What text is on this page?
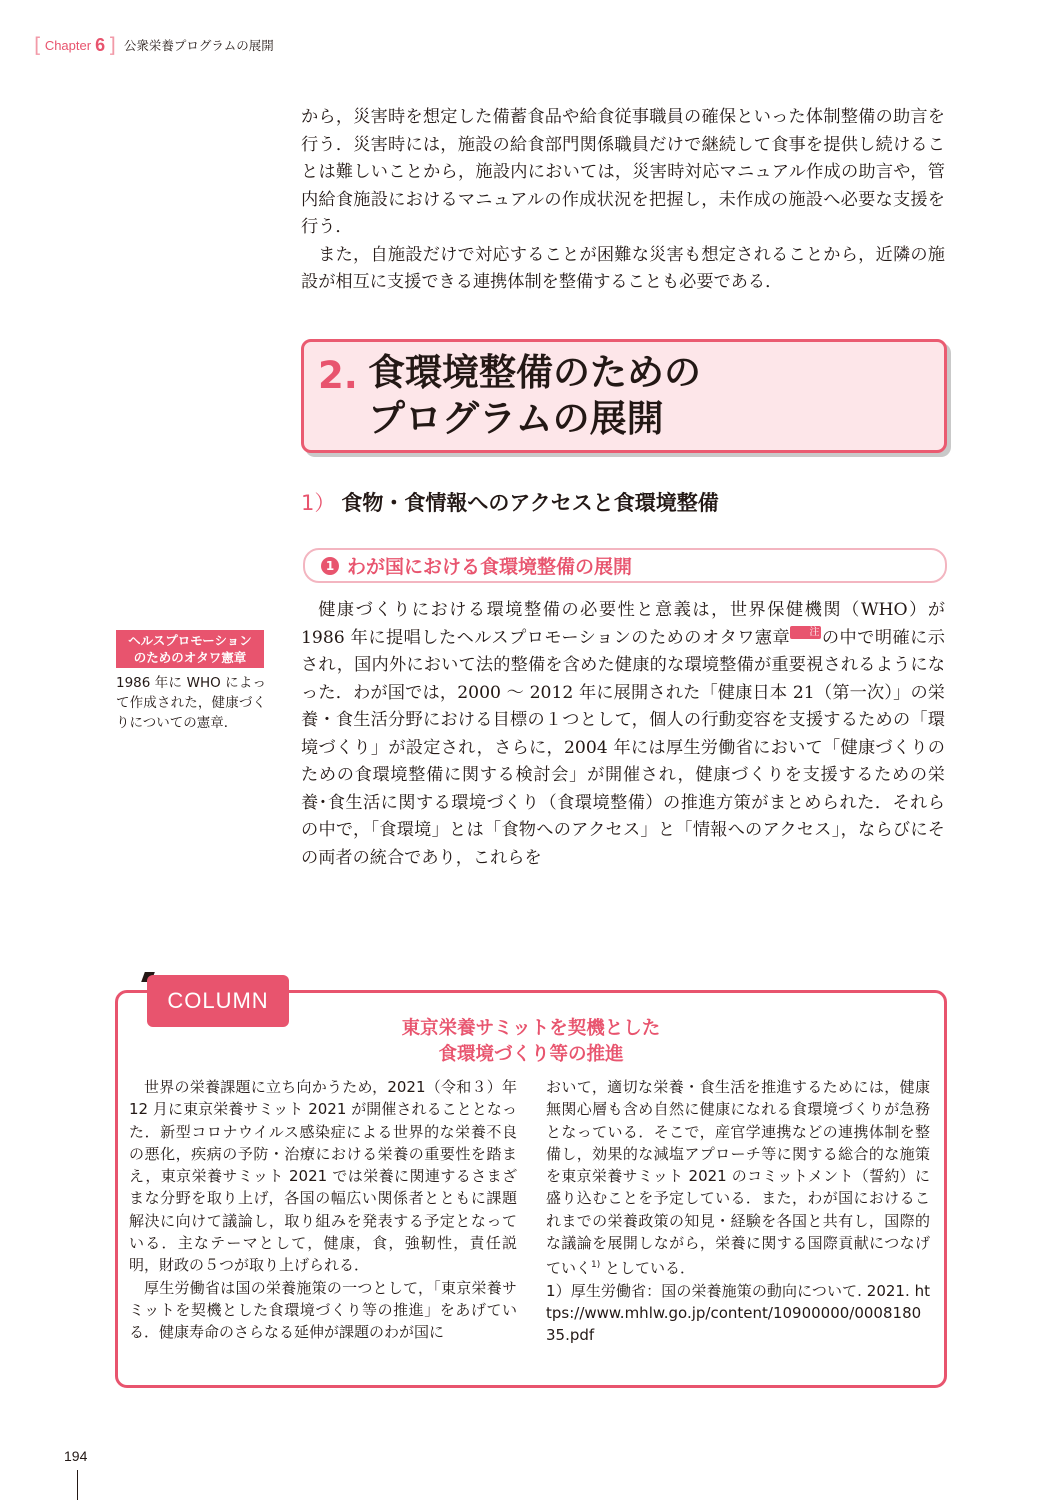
[ Chapter 6 ] 公衆栄養プログラムの展開

から，災害時を想定した備蓄食品や給食従事職員の確保といった体制整備の助言を行う．災害時には，施設の給食部門関係職員だけで継続して食事を提供し続けることは難しいことから，施設内においては，災害時対応マニュアル作成の助言や，管内給食施設におけるマニュアルの作成状況を把握し，未作成の施設へ必要な支援を行う．

また，自施設だけで対応することが困難な災害も想定されることから，近隣の施設が相互に支援できる連携体制を整備することも必要である．

2. 食環境整備のための
プログラムの展開
1） 食物・食情報へのアクセスと食環境整備
1 わが国における食環境整備の展開

健康づくりにおける環境整備の必要性と意義は，世界保健機関（WHO）が 1986 年に提唱したヘルスプロモーションのためのオタワ憲章 注 の中で明確に示され，国内外において法的整備を含めた健康的な環境整備が重要視されるようになった．わが国では，2000 〜 2012 年に展開された「健康日本 21（第一次）」の栄養・食生活分野における目標の１つとして，個人の行動変容を支援するための「環境づくり」が設定され，さらに，2004 年には厚生労働省において「健康づくりのための食環境整備に関する検討会」が開催され，健康づくりを支援するための栄養･食生活に関する環境づくり（食環境整備）の推進方策がまとめられた．それらの中で，「食環境」とは「食物へのアクセス」と「情報へのアクセス」，ならびにその両者の統合であり，これらを

ヘルスプロモーション
のためのオタワ憲章
1986 年に WHO によって作成された，健康づくりについての憲章．
COLUMN
東京栄養サミットを契機とした
食環境づくり等の推進

世界の栄養課題に立ち向かうため，2021（令和３）年 12 月に東京栄養サミット 2021 が開催されることとなった．新型コロナウイルス感染症による世界的な栄養不良の悪化，疾病の予防・治療における栄養の重要性を踏まえ，東京栄養サミット 2021 では栄養に関連するさまざまな分野を取り上げ，各国の幅広い関係者とともに課題解決に向けて議論し，取り組みを発表する予定となっている．主なテーマとして，健康，食，強靭性，責任説明，財政の５つが取り上げられる．

厚生労働省は国の栄養施策の一つとして，「東京栄養サミットを契機とした食環境づくり等の推進」をあげている．健康寿命のさらなる延伸が課題のわが国に

おいて，適切な栄養・食生活を推進するためには，健康無関心層も含め自然に健康になれる食環境づくりが急務となっている．そこで，産官学連携などの連携体制を整備し，効果的な減塩アプローチ等に関する総合的な施策を東京栄養サミット 2021 のコミットメント（誓約）に盛り込むことを予定している．また，わが国におけるこれまでの栄養政策の知見・経験を各国と共有し，国際的な議論を展開しながら，栄養に関する国際貢献につなげていく$^{1)}$ としている．

1）厚生労働省：国の栄養施策の動向について. 2021. https://www.mhlw.go.jp/content/10900000/000818035.pdf

194
